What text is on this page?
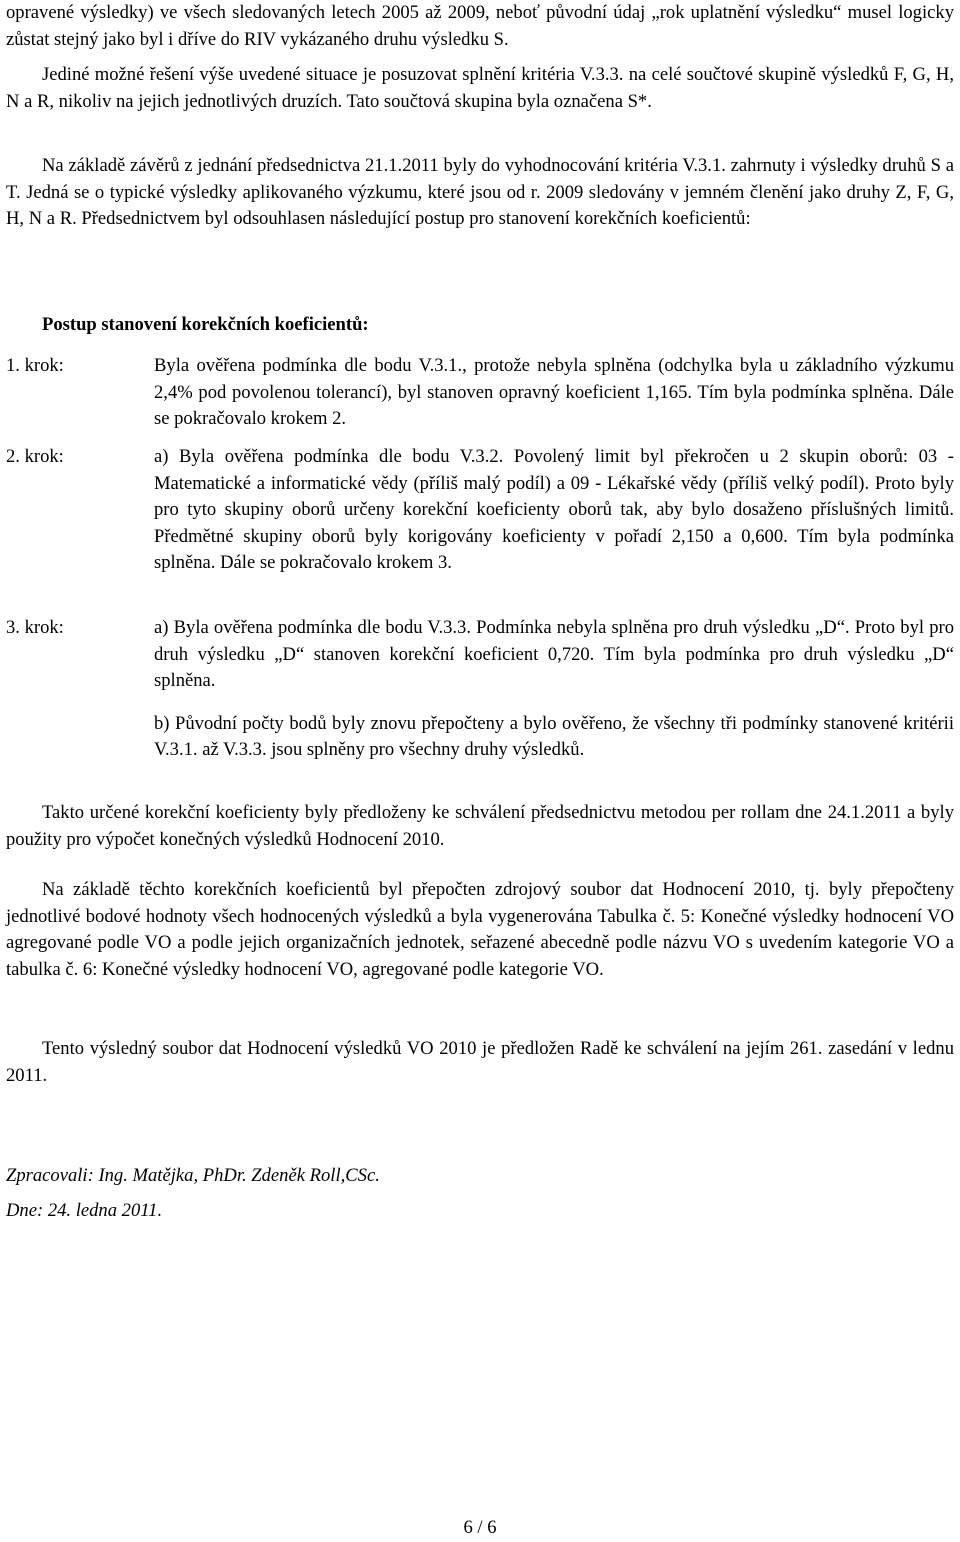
opravené výsledky) ve všech sledovaných letech 2005 až 2009, neboť původní údaj „rok uplatnění výsledku“ musel logicky zůstat stejný jako byl i dříve do RIV vykázaného druhu výsledku S.

Jediné možné řešení výše uvedené situace je posuzovat splnění kritéria V.3.3. na celé součtové skupině výsledků F, G, H, N a R, nikoliv na jejich jednotlivých druzích. Tato součtová skupina byla označena S*.

Na základě závěrů z jednání předsednictva 21.1.2011 byly do vyhodnocování kritéria V.3.1. zahrnuty i výsledky druhů S a T. Jedná se o typické výsledky aplikovaného výzkumu, které jsou od r. 2009 sledovány v jemném členění jako druhy Z, F, G, H, N a R. Předsednictvem byl odsouhlasen následující postup pro stanovení korekčních koeficientů:

Postup stanovení korekčních koeficientů:

1. krok:	Byla ověřena podmínka dle bodu V.3.1., protože nebyla splněna (odchylka byla u základního výzkumu 2,4% pod povolenou tolerancí), byl stanoven opravný koeficient 1,165. Tím byla podmínka splněna. Dále se pokračovalo krokem 2.

2. krok:	a) Byla ověřena podmínka dle bodu V.3.2. Povolený limit byl překročen u 2 skupin oborů: 03 - Matematické a informatické vědy (příliš malý podíl) a 09 - Lékařské vědy (příliš velký podíl). Proto byly pro tyto skupiny oborů určeny korekční koeficienty oborů tak, aby bylo dosaženo příslušných limitů. Předmětné skupiny oborů byly korigovány koeficienty v pořadí 2,150 a 0,600. Tím byla podmínka splněna. Dále se pokračovalo krokem 3.

3. krok:	a) Byla ověřena podmínka dle bodu V.3.3. Podmínka nebyla splněna pro druh výsledku „D“. Proto byl pro druh výsledku „D“ stanoven korekční koeficient 0,720. Tím byla podmínka pro druh výsledku „D“ splněna.

b) Původní počty bodů byly znovu přepočteny a bylo ověřeno, že všechny tři podmínky stanovené kritérii V.3.1. až V.3.3. jsou splněny pro všechny druhy výsledků.

Takto určené korekční koeficienty byly předloženy ke schválení předsednictvu metodou per rollam dne 24.1.2011 a byly použity pro výpočet konečných výsledků Hodnocení 2010.

Na základě těchto korekčních koeficientů byl přepočten zdrojový soubor dat Hodnocení 2010, tj. byly přepočteny jednotlivé bodové hodnoty všech hodnocených výsledků a byla vygenerována Tabulka č. 5: Konečné výsledky hodnocení VO agregované podle VO a podle jejich organizačních jednotek, seřazené abecedně podle názvu VO s uvedením kategorie VO a tabulka č. 6: Konečné výsledky hodnocení VO, agregované podle kategorie VO.

Tento výsledný soubor dat Hodnocení výsledků VO 2010 je předložen Radě ke schválení na jejím 261. zasedání v lednu 2011.

Zpracovali: Ing. Matějka, PhDr. Zdeněk Roll,CSc.

Dne: 24. ledna 2011.

6 / 6
